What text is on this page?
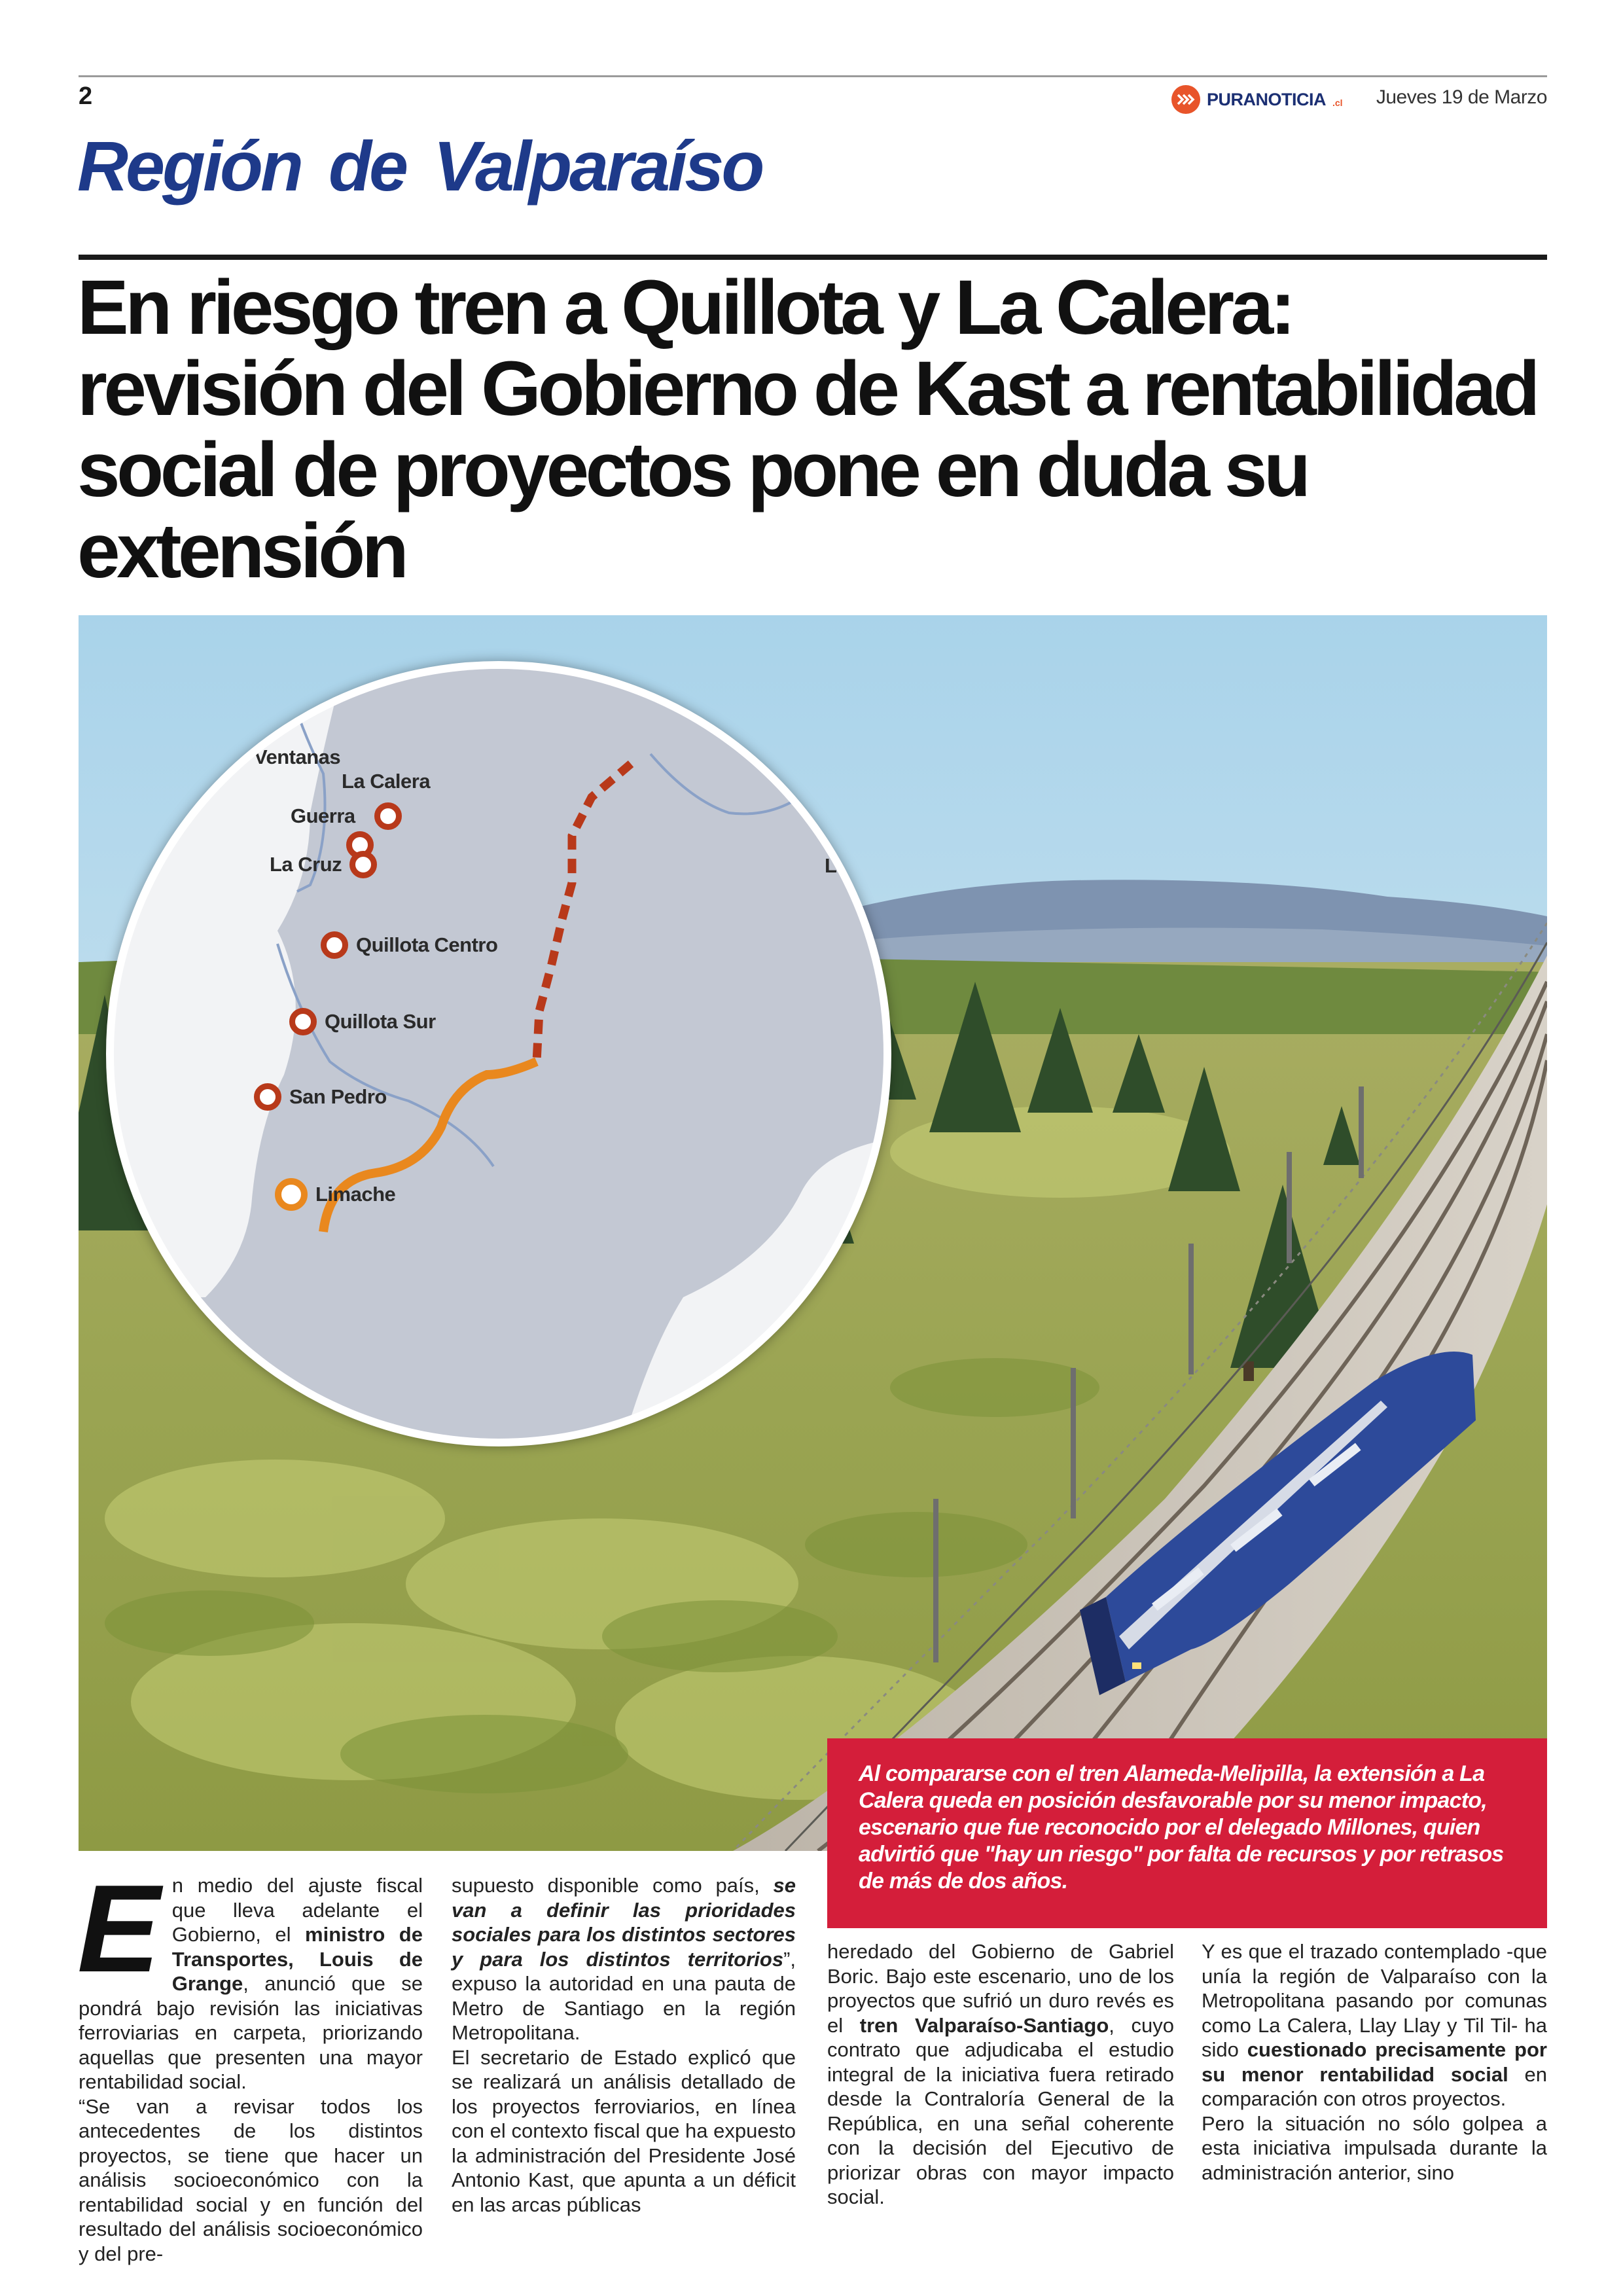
2	PURANOTICIA .cl Jueves 19 de Marzo
Región de Valparaíso
En riesgo tren a Quillota y La Calera: revisión del Gobierno de Kast a rentabilidad social de proyectos pone en duda su extensión
Ventanas
La Calera
Guerra
La Cruz	Los
Quillota Centro
Quillota Sur
San Pedro
Limache
Al compararse con el tren Alameda-Melipilla, la extensión a La Calera queda en posición desfavorable por su menor impacto, escenario que fue reconocido por el delegado Millones, quien advirtió que "hay un riesgo" por falta de recursos y por retrasos de más de dos años.
E n medio del ajuste fiscal que lleva adelante el Gobierno, el ministro de Transportes, Louis de Grange, anunció que se pondrá bajo revisión las iniciativas ferroviarias en carpeta, priorizando aquellas que presenten una mayor rentabilidad social.

“Se van a revisar todos los antecedentes de los distintos proyectos, se tiene que hacer un análisis socioeconómico con la rentabilidad social y en función del resultado del análisis socioeconómico y del pre-

supuesto disponible como país, se van a definir las prioridades sociales para los distintos sectores y para los distintos territorios”, expuso la autoridad en una pauta de Metro de Santiago en la región Metropolitana.

El secretario de Estado explicó que se realizará un análisis detallado de los proyectos ferroviarios, en línea con el contexto fiscal que ha expuesto la administración del Presidente José Antonio Kast, que apunta a un déficit en las arcas públicas

heredado del Gobierno de Gabriel Boric. Bajo este escenario, uno de los proyectos que sufrió un duro revés es el tren Valparaíso-Santiago, cuyo contrato que adjudicaba el estudio integral de la iniciativa fuera retirado desde la Contraloría General de la República, en una señal coherente con la decisión del Ejecutivo de priorizar obras con mayor impacto social.

Y es que el trazado contemplado -que unía la región de Valparaíso con la Metropolitana pasando por comunas como La Calera, Llay Llay y Til Til- ha sido cuestionado precisamente por su menor rentabilidad social en comparación con otros proyectos.

Pero la situación no sólo golpea a esta iniciativa impulsada durante la administración anterior, sino
